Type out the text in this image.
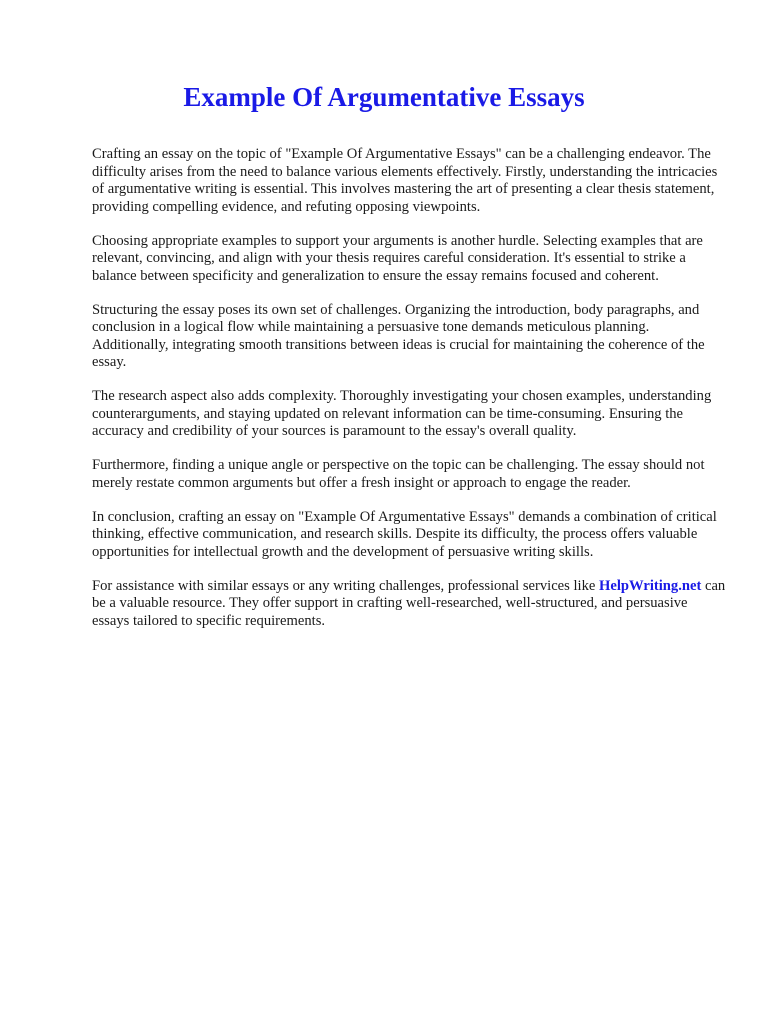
Example Of Argumentative Essays

Crafting an essay on the topic of "Example Of Argumentative Essays" can be a challenging endeavor. The difficulty arises from the need to balance various elements effectively. Firstly, understanding the intricacies of argumentative writing is essential. This involves mastering the art of presenting a clear thesis statement, providing compelling evidence, and refuting opposing viewpoints.

Choosing appropriate examples to support your arguments is another hurdle. Selecting examples that are relevant, convincing, and align with your thesis requires careful consideration. It's essential to strike a balance between specificity and generalization to ensure the essay remains focused and coherent.

Structuring the essay poses its own set of challenges. Organizing the introduction, body paragraphs, and conclusion in a logical flow while maintaining a persuasive tone demands meticulous planning. Additionally, integrating smooth transitions between ideas is crucial for maintaining the coherence of the essay.

The research aspect also adds complexity. Thoroughly investigating your chosen examples, understanding counterarguments, and staying updated on relevant information can be time-consuming. Ensuring the accuracy and credibility of your sources is paramount to the essay's overall quality.

Furthermore, finding a unique angle or perspective on the topic can be challenging. The essay should not merely restate common arguments but offer a fresh insight or approach to engage the reader.

In conclusion, crafting an essay on "Example Of Argumentative Essays" demands a combination of critical thinking, effective communication, and research skills. Despite its difficulty, the process offers valuable opportunities for intellectual growth and the development of persuasive writing skills.

For assistance with similar essays or any writing challenges, professional services like HelpWriting.net can be a valuable resource. They offer support in crafting well-researched, well-structured, and persuasive essays tailored to specific requirements.
